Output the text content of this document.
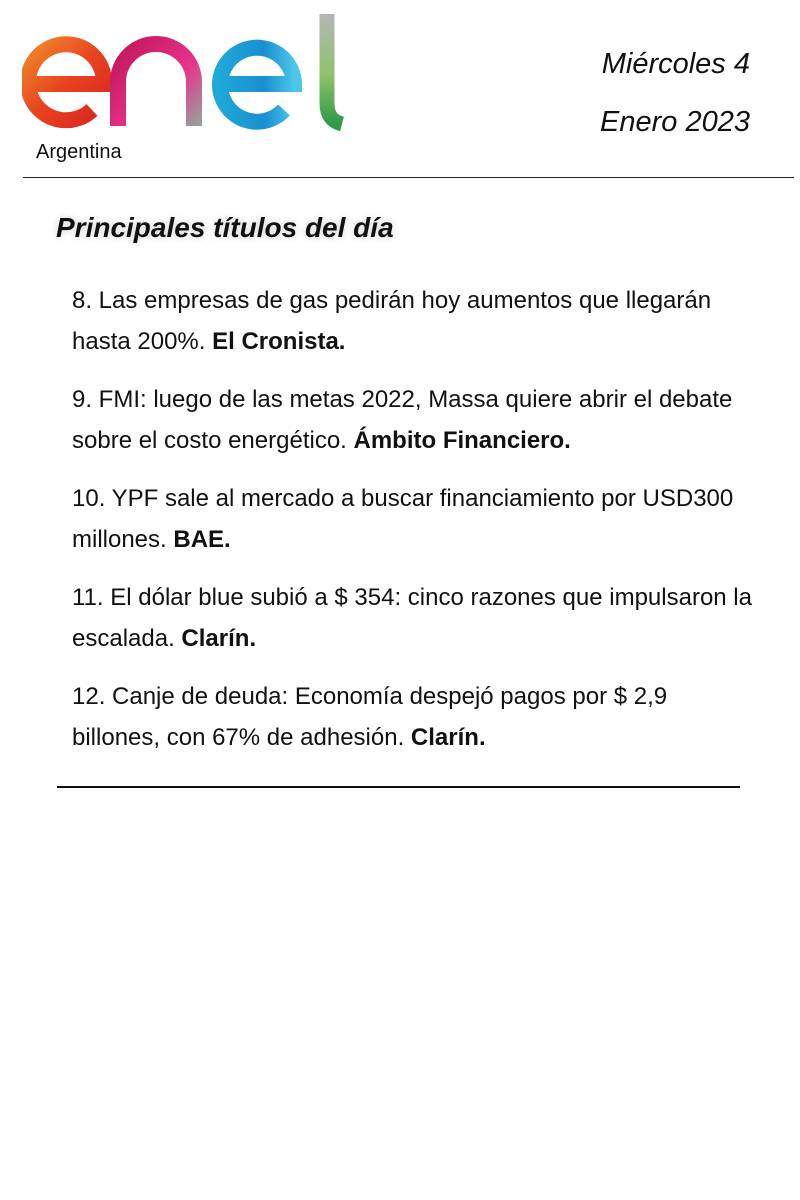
Argentina
Miércoles 4
Enero 2023
Principales títulos del día

8. Las empresas de gas pedirán hoy aumentos que llegarán hasta 200%. El Cronista.

9. FMI: luego de las metas 2022, Massa quiere abrir el debate sobre el costo energético. Ámbito Financiero.

10. YPF sale al mercado a buscar financiamiento por USD300 millones. BAE.

11. El dólar blue subió a $ 354: cinco razones que impulsaron la escalada. Clarín.

12. Canje de deuda: Economía despejó pagos por $ 2,9 billones, con 67% de adhesión. Clarín.
